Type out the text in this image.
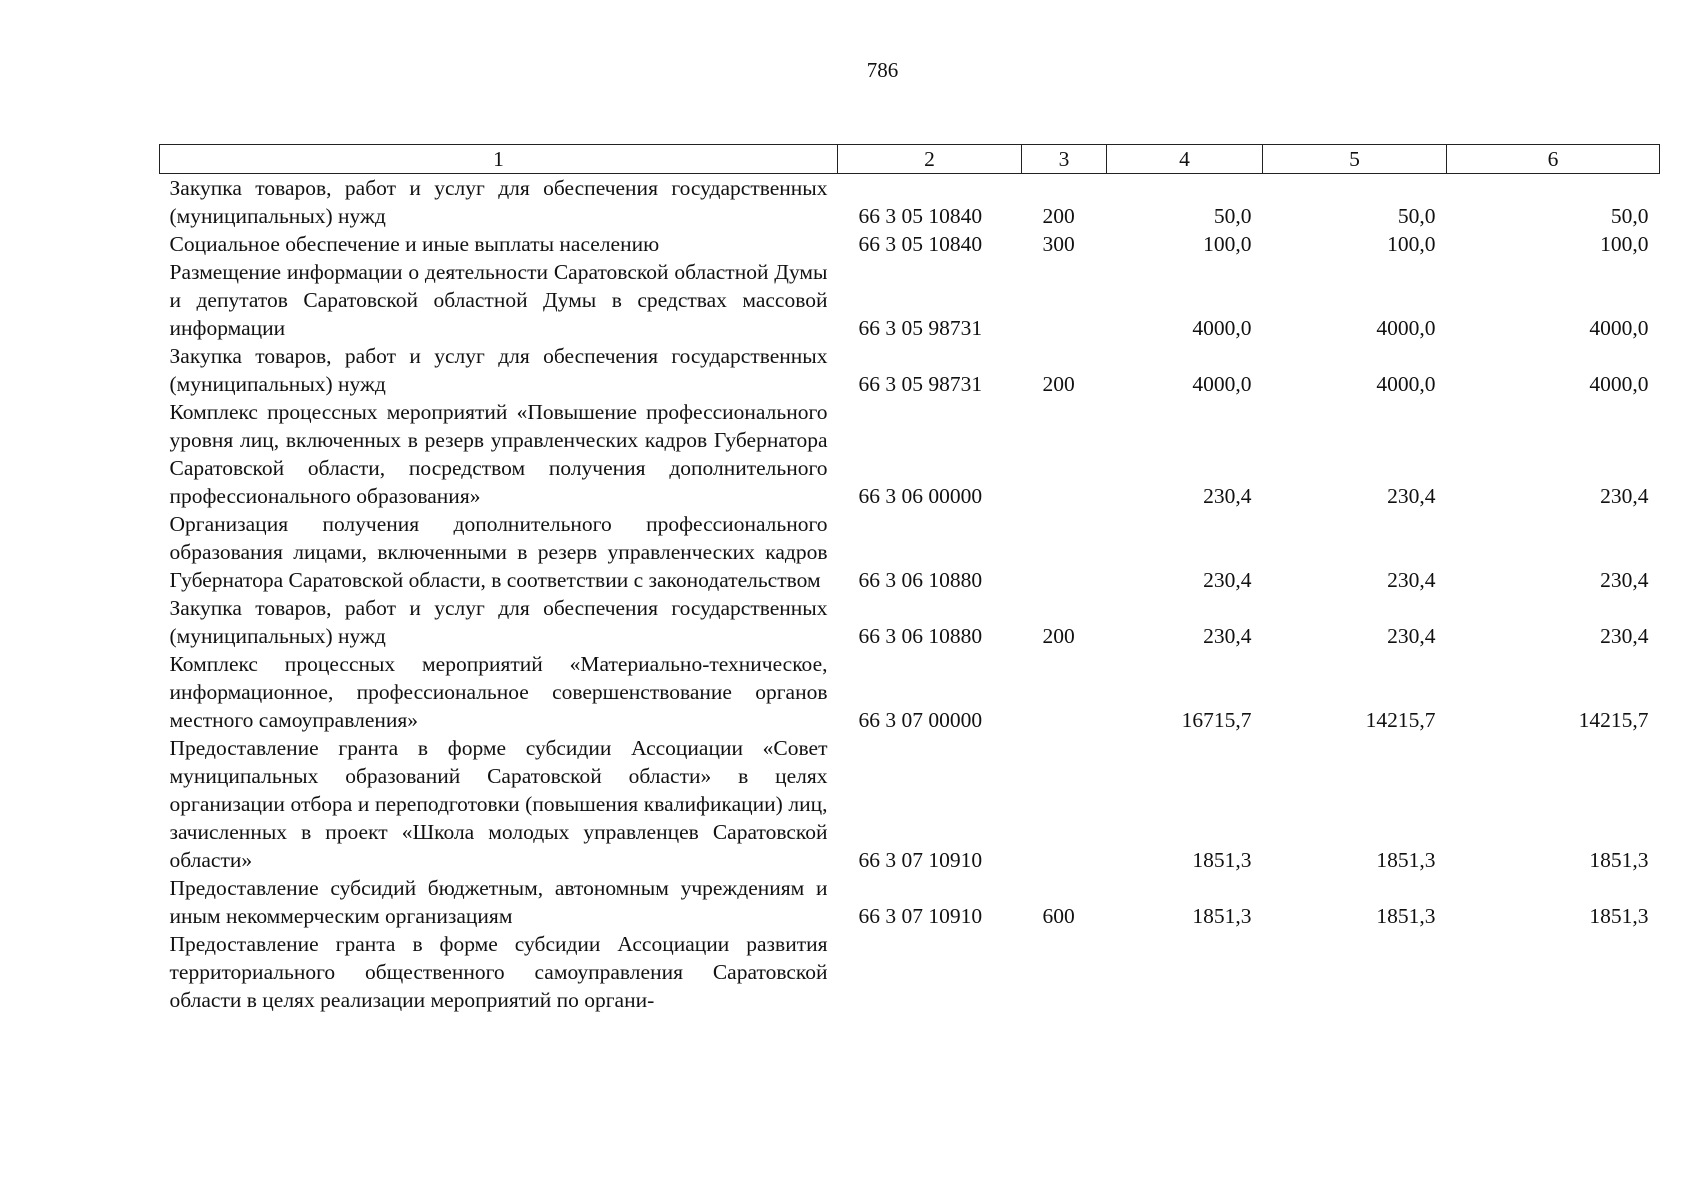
786
1	2	3	4	5	6
Закупка товаров, работ и услуг для обеспечения государственных (муниципальных) нужд	66 3 05 10840	200	50,0	50,0	50,0
Социальное обеспечение и иные выплаты населению	66 3 05 10840	300	100,0	100,0	100,0
Размещение информации о деятельности Саратовской областной Думы и депутатов Саратовской областной Думы в средствах массовой информации	66 3 05 98731		4000,0	4000,0	4000,0
Закупка товаров, работ и услуг для обеспечения государственных (муниципальных) нужд	66 3 05 98731	200	4000,0	4000,0	4000,0
Комплекс процессных мероприятий «Повышение профессионального уровня лиц, включенных в резерв управленческих кадров Губернатора Саратовской области, посредством получения дополнительного профессионального образования»	66 3 06 00000		230,4	230,4	230,4
Организация получения дополнительного профессионального образования лицами, включенными в резерв управленческих кадров Губернатора Саратовской области, в соответствии с законодательством	66 3 06 10880		230,4	230,4	230,4
Закупка товаров, работ и услуг для обеспечения государственных (муниципальных) нужд	66 3 06 10880	200	230,4	230,4	230,4
Комплекс процессных мероприятий «Материально-техническое, информационное, профессиональное совершенствование органов местного самоуправления»	66 3 07 00000		16715,7	14215,7	14215,7
Предоставление гранта в форме субсидии Ассоциации «Совет муниципальных образований Саратовской области» в целях организации отбора и переподготовки (повышения квалификации) лиц, зачисленных в проект «Школа молодых управленцев Саратовской области»	66 3 07 10910		1851,3	1851,3	1851,3
Предоставление субсидий бюджетным, автономным учреждениям и иным некоммерческим организациям	66 3 07 10910	600	1851,3	1851,3	1851,3
Предоставление гранта в форме субсидии Ассоциации развития территориального общественного самоуправления Саратовской области в целях реализации мероприятий по органи-					
